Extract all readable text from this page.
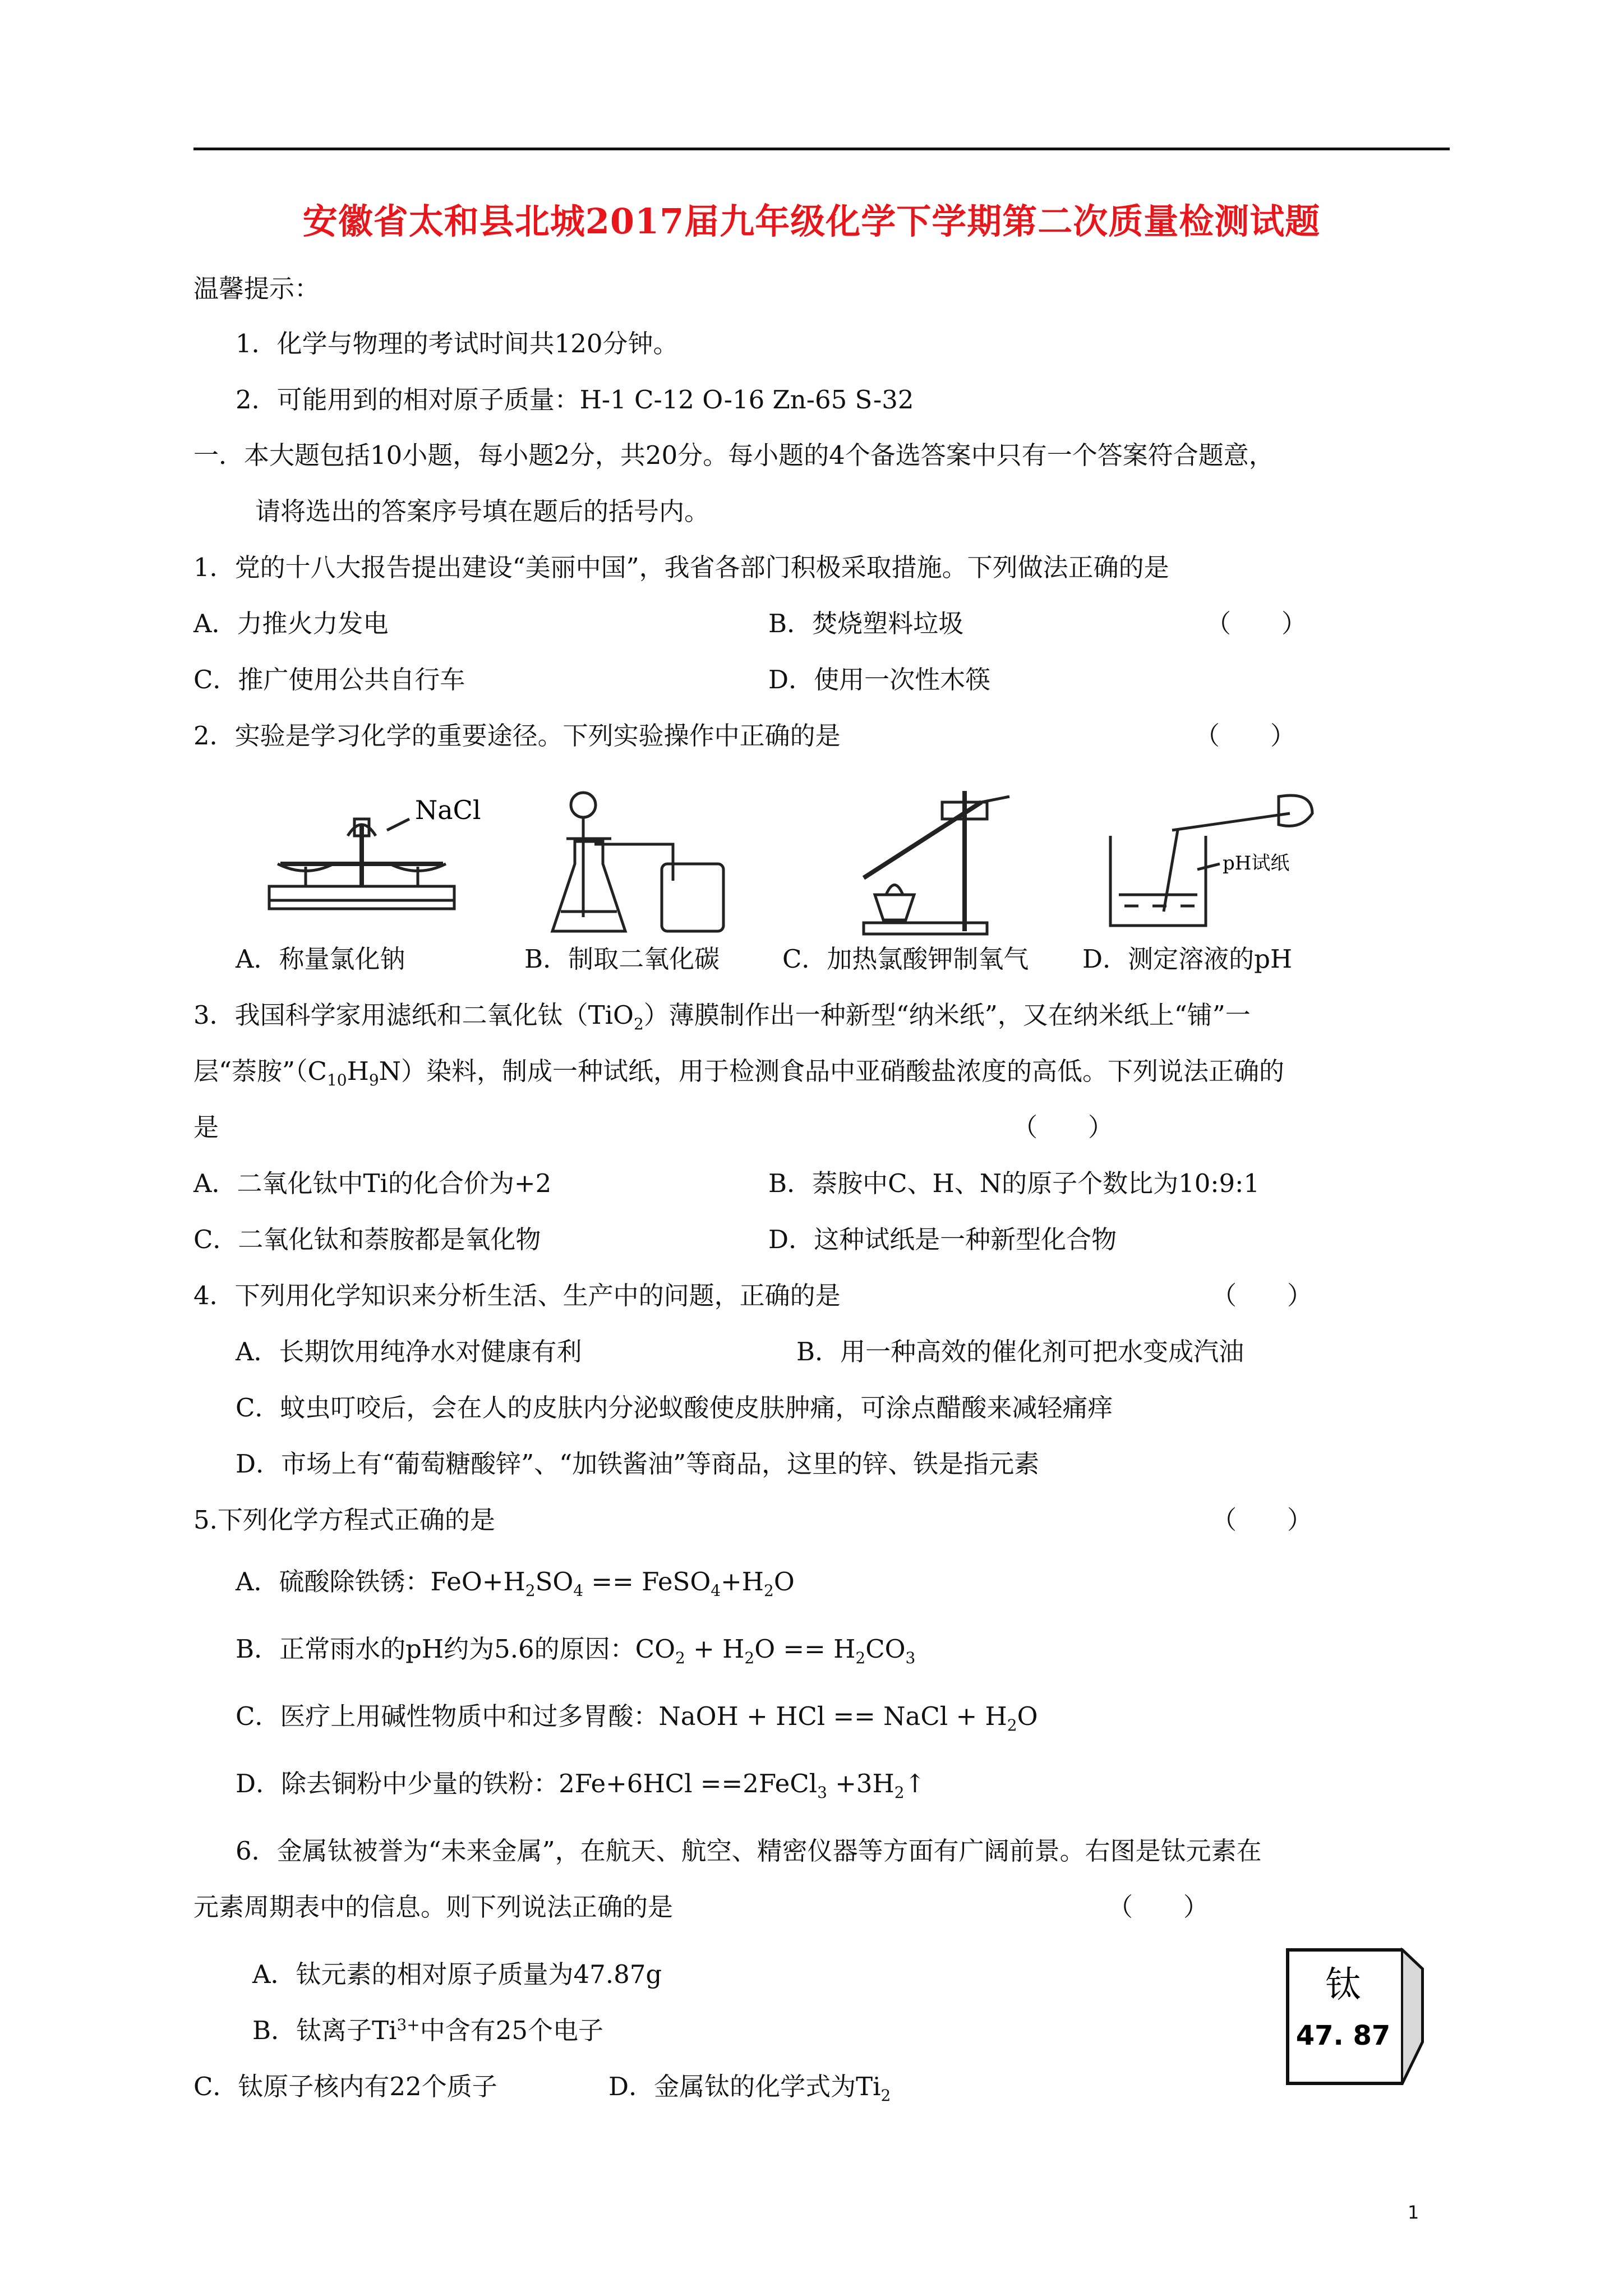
安徽省太和县北城2017届九年级化学下学期第二次质量检测试题
温馨提示：
1．化学与物理的考试时间共120分钟。
2．可能用到的相对原子质量：H-1 C-12 O-16 Zn-65 S-32
一．本大题包括10小题，每小题2分，共20分。每小题的4个备选答案中只有一个答案符合题意，
请将选出的答案序号填在题后的括号内。
1．党的十八大报告提出建设“美丽中国”，我省各部门积极采取措施。下列做法正确的是
A．力推火力发电	B．焚烧塑料垃圾	（　　）
C．推广使用公共自行车	D．使用一次性木筷
2．实验是学习化学的重要途径。下列实验操作中正确的是	（　　）
NaCl
pH试纸
A．称量氯化钠	B．制取二氧化碳 C．加热氯酸钾制氧气 D．测定溶液的pH
3．我国科学家用滤纸和二氧化钛（TiO$_2$）薄膜制作出一种新型“纳米纸”，又在纳米纸上“铺”一
层“萘胺$”(C_{10}H_9N)$染料，制成一种试纸，用于检测食品中亚硝酸盐浓度的高低。下列说法正确的
是	（　　）
A．二氧化钛中Ti的化合价为+2	B．萘胺中C、H、N的原子个数比为10:9:1
C．二氧化钛和萘胺都是氧化物	D．这种试纸是一种新型化合物
4．下列用化学知识来分析生活、生产中的问题，正确的是	（　　）
A．长期饮用纯净水对健康有利	B．用一种高效的催化剂可把水变成汽油
C．蚊虫叮咬后，会在人的皮肤内分泌蚁酸使皮肤肿痛，可涂点醋酸来减轻痛痒
D．市场上有“葡萄糖酸锌”、“加铁酱油”等商品，这里的锌、铁是指元素
5.下列化学方程式正确的是	（　　）
A．硫酸除铁锈：$FeO+H_2SO_4$ == $FeSO_4+H_2O$
B．正常雨水的pH约为5.6的原因：$CO_2 + H_2O == H_2CO_3$
C．医疗上用碱性物质中和过多胃酸：NaOH + HCl == NaCl + $H_2O$
D．除去铜粉中少量的铁粉：2Fe+6HCl ==2FeCl$_3$ $+3H_2↑$
6．金属钛被誉为“未来金属”，在航天、航空、精密仪器等方面有广阔前景。右图是钛元素在
元素周期表中的信息。则下列说法正确的是	（　　）
A．钛元素的相对原子质量为47.87g
B．钛离子$Ti^{3+}$中含有25个电子
C．钛原子核内有22个质子	D．金属钛的化学式为$Ti_2$
钛
47. 87
1
